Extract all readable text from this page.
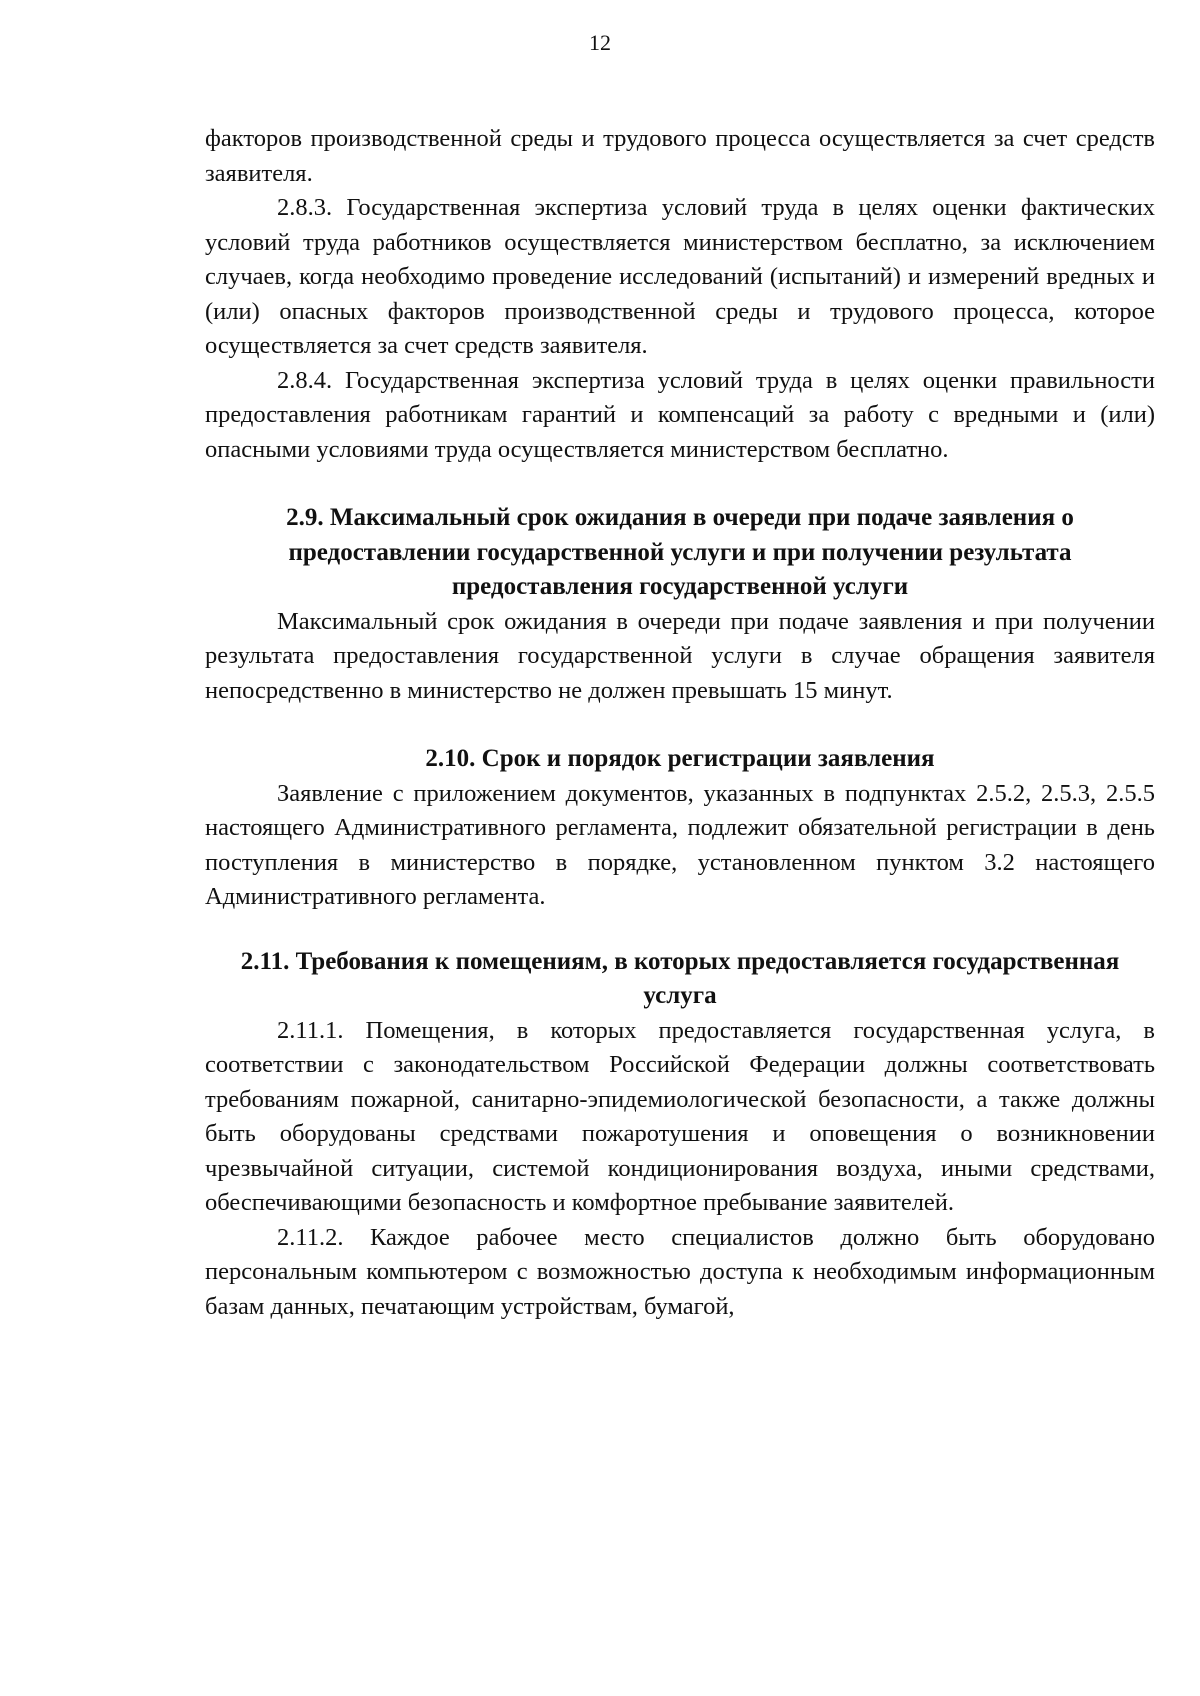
12

факторов производственной среды и трудового процесса осуществляется за счет средств заявителя.

2.8.3. Государственная экспертиза условий труда в целях оценки фактических условий труда работников осуществляется министерством бесплатно, за исключением случаев, когда необходимо проведение исследований (испытаний) и измерений вредных и (или) опасных факторов производственной среды и трудового процесса, которое осуществляется за счет средств заявителя.

2.8.4. Государственная экспертиза условий труда в целях оценки правильности предоставления работникам гарантий и компенсаций за работу с вредными и (или) опасными условиями труда осуществляется министерством бесплатно.

2.9. Максимальный срок ожидания в очереди при подаче заявления о предоставлении государственной услуги и при получении результата предоставления государственной услуги

Максимальный срок ожидания в очереди при подаче заявления и при получении результата предоставления государственной услуги в случае обращения заявителя непосредственно в министерство не должен превышать 15 минут.

2.10. Срок и порядок регистрации заявления

Заявление с приложением документов, указанных в подпунктах 2.5.2, 2.5.3, 2.5.5 настоящего Административного регламента, подлежит обязательной регистрации в день поступления в министерство в порядке, установленном пунктом 3.2 настоящего Административного регламента.

2.11. Требования к помещениям, в которых предоставляется государственная услуга

2.11.1. Помещения, в которых предоставляется государственная услуга, в соответствии с законодательством Российской Федерации должны соответствовать требованиям пожарной, санитарно-эпидемиологической безопасности, а также должны быть оборудованы средствами пожаротушения и оповещения о возникновении чрезвычайной ситуации, системой кондиционирования воздуха, иными средствами, обеспечивающими безопасность и комфортное пребывание заявителей.

2.11.2. Каждое рабочее место специалистов должно быть оборудовано персональным компьютером с возможностью доступа к необходимым информационным базам данных, печатающим устройствам, бумагой,
